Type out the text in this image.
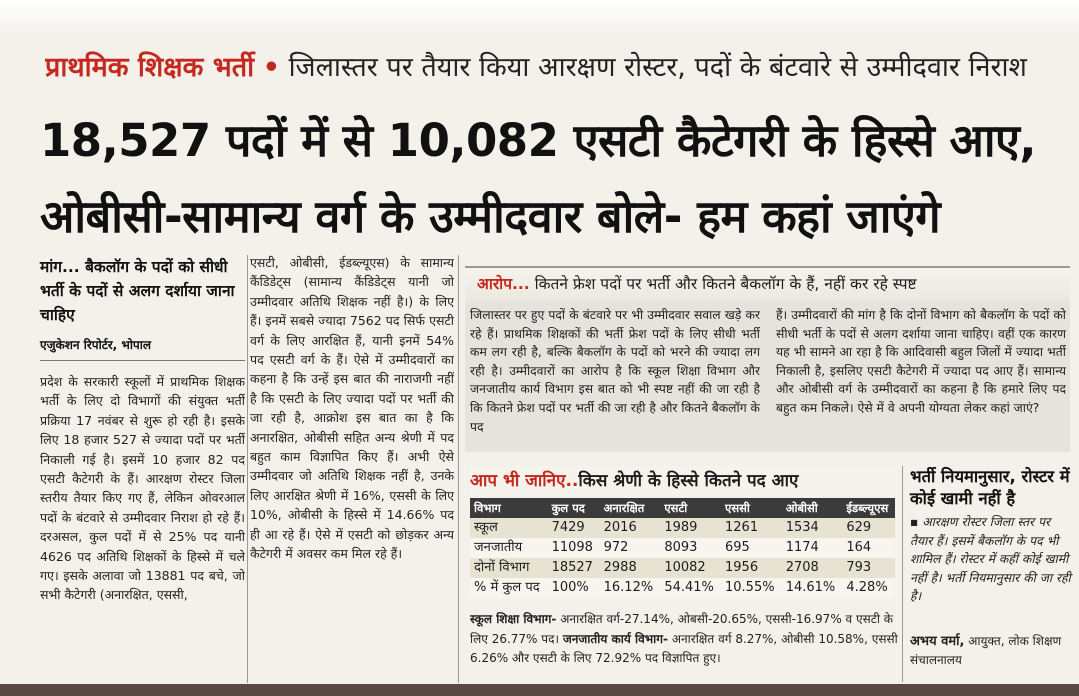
प्राथमिक शिक्षक भर्ती • जिलास्तर पर तैयार किया आरक्षण रोस्टर, पदों के बंटवारे से उम्मीदवार निराश
18,527 पदों में से 10,082 एसटी कैटेगरी के हिस्से आए,
ओबीसी-सामान्य वर्ग के उम्मीदवार बोले- हम कहां जाएंगे
मांग... बैकलॉग के पदों को सीधी भर्ती के पदों से अलग दर्शाया जाना चाहिए
एजुकेशन रिपोर्टर, भोपाल
प्रदेश के सरकारी स्कूलों में प्राथमिक शिक्षक भर्ती के लिए दो विभागों की संयुक्त भर्ती प्रक्रिया 17 नवंबर से शुरू हो रही है। इसके लिए 18 हजार 527 से ज्यादा पदों पर भर्ती निकाली गई है। इसमें 10 हजार 82 पद एसटी कैटेगरी के हैं। आरक्षण रोस्टर जिला स्तरीय तैयार किए गए हैं, लेकिन ओवरआल पदों के बंटवारे से उम्मीदवार निराश हो रहे हैं। दरअसल, कुल पदों में से 25% पद यानी 4626 पद अतिथि शिक्षकों के हिस्से में चले गए। इसके अलावा जो 13881 पद बचे, जो सभी कैटेगरी (अनारक्षित, एससी,
एसटी, ओबीसी, ईडब्ल्यूएस) के सामान्य कैंडिडेट्स (सामान्य कैंडिडेट्स यानी जो उम्मीदवार अतिथि शिक्षक नहीं है।) के लिए हैं। इनमें सबसे ज्यादा 7562 पद सिर्फ एसटी वर्ग के लिए आरक्षित हैं, यानी इनमें 54% पद एसटी वर्ग के हैं। ऐसे में उम्मीदवारों का कहना है कि उन्हें इस बात की नाराजगी नहीं है कि एसटी के लिए ज्यादा पदों पर भर्ती की जा रही है, आक्रोश इस बात का है कि अनारक्षित, ओबीसी सहित अन्य श्रेणी में पद बहुत काम विज्ञापित किए हैं। अभी ऐसे उम्मीदवार जो अतिथि शिक्षक नहीं है, उनके लिए आरक्षित श्रेणी में 16%, एससी के लिए 10%, ओबीसी के हिस्से में 14.66% पद ही आ रहे हैं। ऐसे में एसटी को छोड़कर अन्य कैटेगरी में अवसर कम मिल रहे हैं।
आरोप... कितने फ्रेश पदों पर भर्ती और कितने बैकलॉग के हैं, नहीं कर रहे स्पष्ट
जिलास्तर पर हुए पदों के बंटवारे पर भी उम्मीदवार सवाल खड़े कर रहे हैं। प्राथमिक शिक्षकों की भर्ती फ्रेश पदों के लिए सीधी भर्ती कम लग रही है, बल्कि बैकलॉग के पदों को भरने की ज्यादा लग रही है। उम्मीदवारों का आरोप है कि स्कूल शिक्षा विभाग और जनजातीय कार्य विभाग इस बात को भी स्पष्ट नहीं की जा रही है कि कितने फ्रेश पदों पर भर्ती की जा रही है और कितने बैकलॉग के पद
हैं। उम्मीदवारों की मांग है कि दोनों विभाग को बैकलॉग के पदों को सीधी भर्ती के पदों से अलग दर्शाया जाना चाहिए। वहीं एक कारण यह भी सामने आ रहा है कि आदिवासी बहुल जिलों में ज्यादा भर्ती निकाली है, इसलिए एसटी कैटेगरी में ज्यादा पद आए हैं। सामान्य और ओबीसी वर्ग के उम्मीदवारों का कहना है कि हमारे लिए पद बहुत कम निकले। ऐसे में वे अपनी योग्यता लेकर कहां जाएं?
आप भी जानिए..किस श्रेणी के हिस्से कितने पद आए
विभाग	कुल पद	अनारक्षित	एसटी	एससी	ओबीसी	ईडब्ल्यूएस
स्कूल	7429	2016	1989	1261	1534	629
जनजातीय	11098	972	8093	695	1174	164
दोनों विभाग	18527	2988	10082	1956	2708	793
% में कुल पद	100%	16.12%	54.41%	10.55%	14.61%	4.28%
स्कूल शिक्षा विभाग- अनारक्षित वर्ग-27.14%, ओबसी-20.65%, एससी-16.97% व एसटी के लिए 26.77% पद। जनजातीय कार्य विभाग- अनारक्षित वर्ग 8.27%, ओबीसी 10.58%, एससी 6.26% और एसटी के लिए 72.92% पद विज्ञापित हुए।
भर्ती नियमानुसार, रोस्टर में कोई खामी नहीं है
▪ आरक्षण रोस्टर जिला स्तर पर तैयार हैं। इसमें बैकलॉग के पद भी शामिल हैं। रोस्टर में कहीं कोई खामी नहीं है। भर्ती नियमानुसार की जा रही है।
अभय वर्मा, आयुक्त, लोक शिक्षण संचालनालय
